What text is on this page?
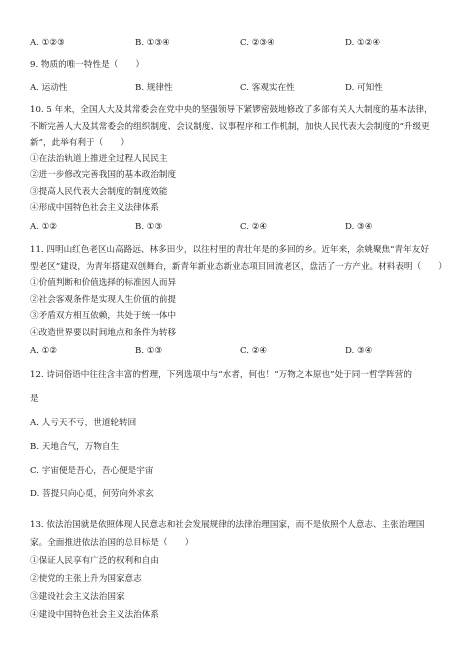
A. ①②③	B. ①③④	C. ②③④	D. ①②④
9. 物质的唯一特性是（　　）
A. 运动性	B. 规律性	C. 客观实在性	D. 可知性
10. 5 年来，全国人大及其常委会在党中央的坚强领导下紧锣密鼓地修改了多部有关人大制度的基本法律，
不断完善人大及其常委会的组织制度、会议制度、议事程序和工作机制，加快人民代表大会制度的“升级更
新”，此举有利于（　　）
①在法治轨道上推进全过程人民民主
②进一步修改完善我国的基本政治制度
③提高人民代表大会制度的制度效能
④形成中国特色社会主义法律体系
A. ①②	B. ①③	C. ②④	D. ③④
11. 四明山红色老区山高路远、林多田少，以往村里的青壮年是的多回的乡。近年来，余姚聚焦“青年友好
型老区”建设，为青年搭建双创舞台，新青年新业态新业态项目回流老区，盘活了一方产业。材料表明（　　）
①价值判断和价值选择的标准因人而异
②社会客观条件是实现人生价值的前提
③矛盾双方相互依赖，共处于统一体中
④改造世界要以时间地点和条件为转移
A. ①②	B. ①③	C. ②④	D. ③④
12. 诗词俗语中往往含丰富的哲理，下列选项中与“水者，何也！”万物之本原也”处于同一哲学阵营的
是
A. 人亏天不亏，世道轮转回
B. 天地合气，万物自生
C. 宇宙便是吾心，吾心便是宇宙
D. 菩提只向心觅，何劳向外求玄
13. 依法治国就是依照体现人民意志和社会发展规律的法律治理国家，而不是依照个人意志、主张治理国
家。全面推进依法治国的总目标是（　　）
①保证人民享有广泛的权利和自由
②使党的主张上升为国家意志
③建设社会主义法治国家
④建设中国特色社会主义法治体系
